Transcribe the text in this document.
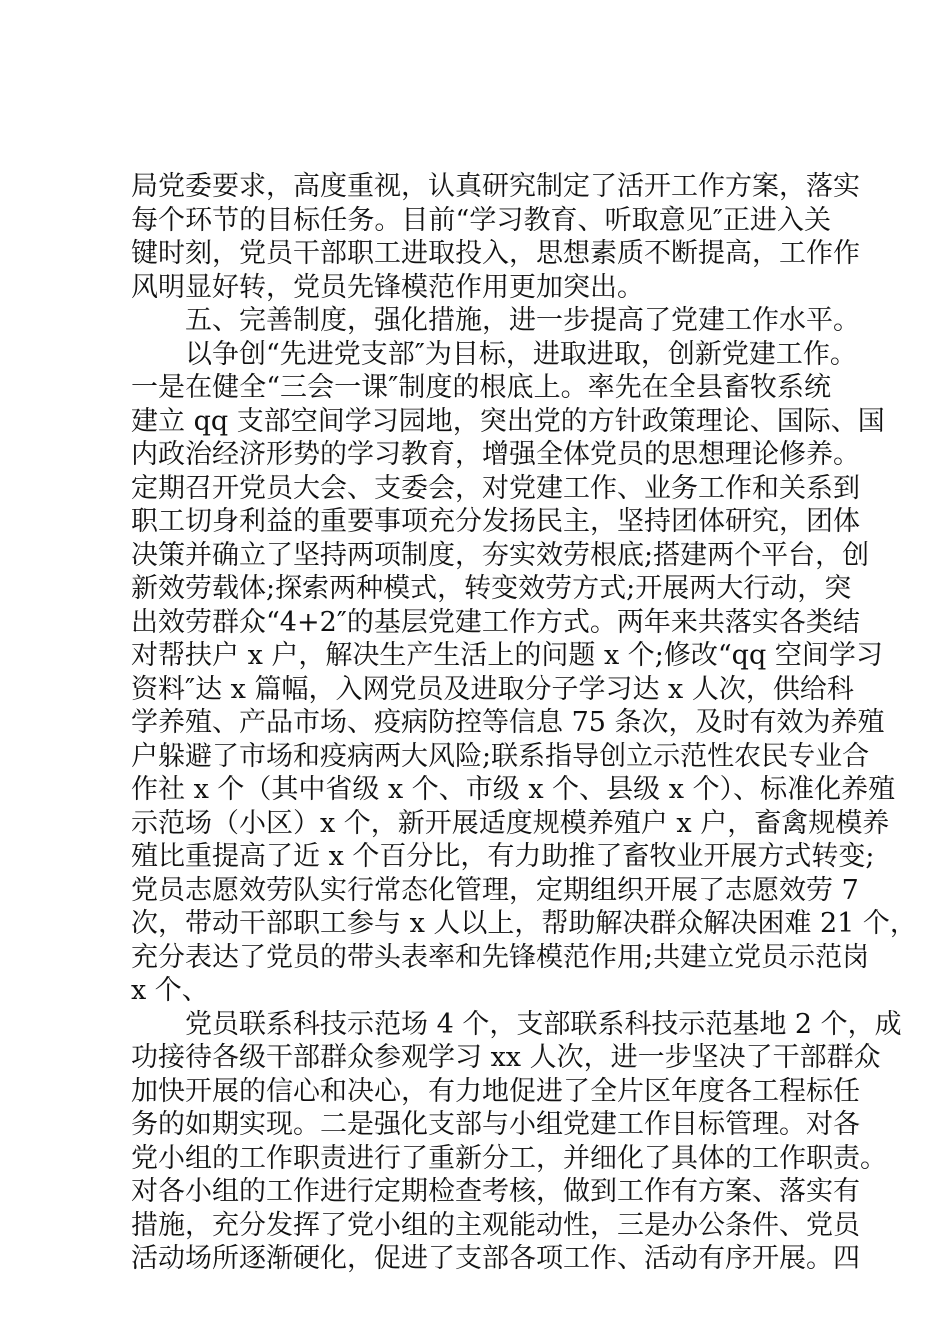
局党委要求，高度重视，认真研究制定了活开工作方案，落实
每个环节的目标任务。目前“学习教育、听取意见″正进入关
键时刻，党员干部职工进取投入，思想素质不断提高，工作作
风明显好转，党员先锋模范作用更加突出。
五、完善制度，强化措施，进一步提高了党建工作水平。
以争创“先进党支部″为目标，进取进取，创新党建工作。
一是在健全“三会一课″制度的根底上。率先在全县畜牧系统
建立 qq 支部空间学习园地，突出党的方针政策理论、国际、国
内政治经济形势的学习教育，增强全体党员的思想理论修养。
定期召开党员大会、支委会，对党建工作、业务工作和关系到
职工切身利益的重要事项充分发扬民主，坚持团体研究，团体
决策并确立了坚持两项制度，夯实效劳根底;搭建两个平台，创
新效劳载体;探索两种模式，转变效劳方式;开展两大行动，突
出效劳群众“4+2″的基层党建工作方式。两年来共落实各类结
对帮扶户 x 户，解决生产生活上的问题 x 个;修改“qq 空间学习
资料″达 x 篇幅，入网党员及进取分子学习达 x 人次，供给科
学养殖、产品市场、疫病防控等信息 75 条次，及时有效为养殖
户躲避了市场和疫病两大风险;联系指导创立示范性农民专业合
作社 x 个（其中省级 x 个、市级 x 个、县级 x 个）、标准化养殖
示范场（小区）x 个，新开展适度规模养殖户 x 户，畜禽规模养
殖比重提高了近 x 个百分比，有力助推了畜牧业开展方式转变;
党员志愿效劳队实行常态化管理，定期组织开展了志愿效劳 7
次，带动干部职工参与 x 人以上，帮助解决群众解决困难 21 个，
充分表达了党员的带头表率和先锋模范作用;共建立党员示范岗
x 个、
党员联系科技示范场 4 个，支部联系科技示范基地 2 个，成
功接待各级干部群众参观学习 xx 人次，进一步坚决了干部群众
加快开展的信心和决心，有力地促进了全片区年度各工程标任
务的如期实现。二是强化支部与小组党建工作目标管理。对各
党小组的工作职责进行了重新分工，并细化了具体的工作职责。
对各小组的工作进行定期检查考核，做到工作有方案、落实有
措施，充分发挥了党小组的主观能动性，三是办公条件、党员
活动场所逐渐硬化，促进了支部各项工作、活动有序开展。四
